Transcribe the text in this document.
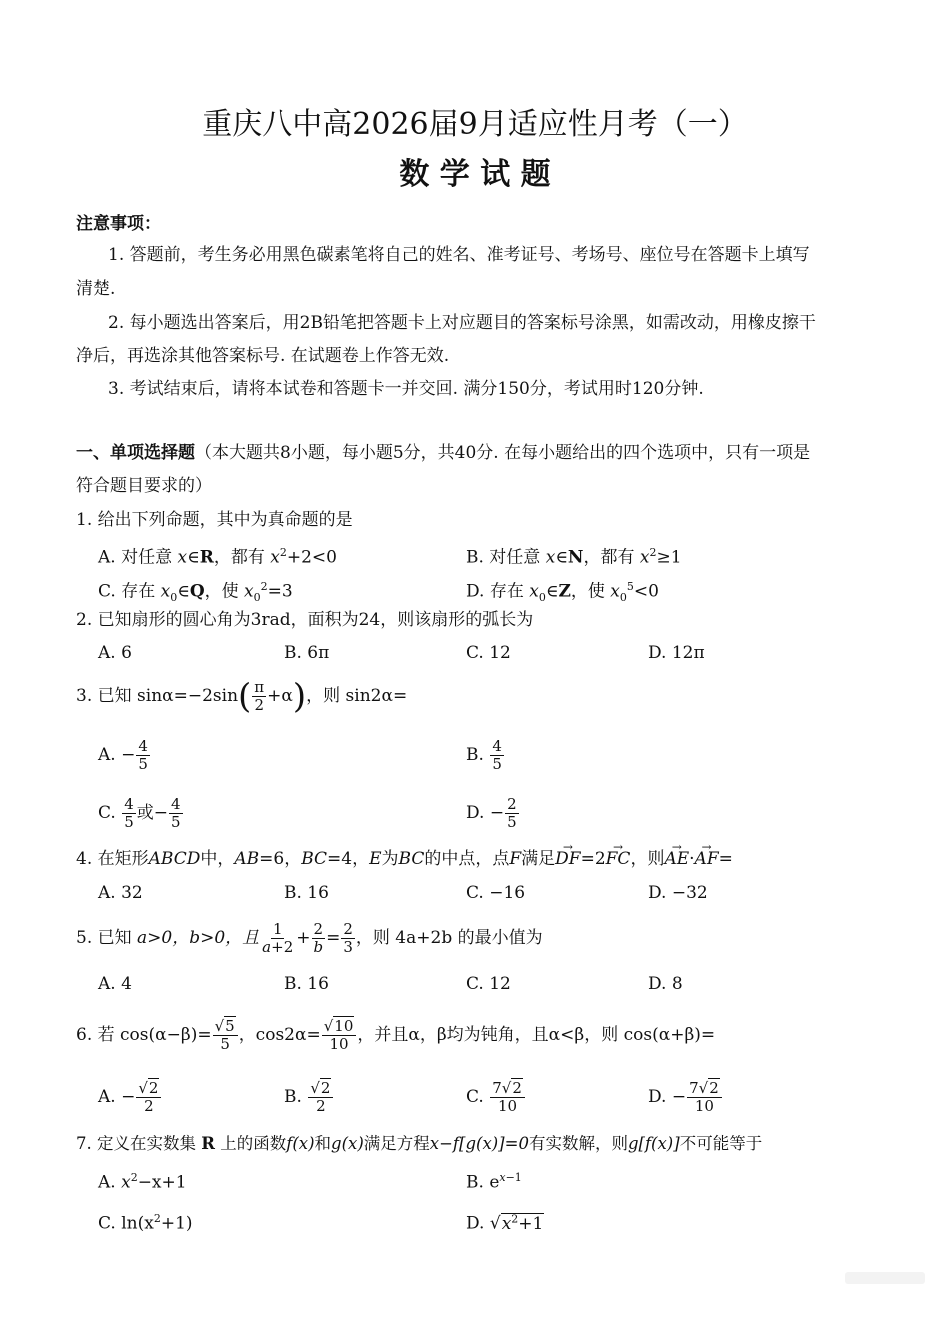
重庆八中高2026届9月适应性月考（一）
数 学 试 题
注意事项：
1. 答题前，考生务必用黑色碳素笔将自己的姓名、准考证号、考场号、座位号在答题卡上填写
清楚.
2. 每小题选出答案后，用2B铅笔把答题卡上对应题目的答案标号涂黑，如需改动，用橡皮擦干
净后，再选涂其他答案标号. 在试题卷上作答无效.
3. 考试结束后，请将本试卷和答题卡一并交回. 满分150分，考试用时120分钟.
一、单项选择题（本大题共8小题，每小题5分，共40分. 在每小题给出的四个选项中，只有一项是
符合题目要求的）
1. 给出下列命题，其中为真命题的是
A. 对任意 x∈R，都有 $x^2+2<0$	B. 对任意 x∈N，都有 $x^2\ge 1$
C. 存在 $x_0\in Q$，使 $x_0^2=3$	D. 存在 $x_0\in Z$，使 $x_0^5<0$
2. 已知扇形的圆心角为3rad，面积为24，则该扇形的弧长为
A. 6	B. 6π	C. 12	D. 12π
3. 已知 $\sin\alpha=-2\sin( \frac{\pi}{2} +\alpha)$，则 sin2α=
A. − $\frac{4}{5}$	B. $\frac{4}{5}$
C. $\frac{4}{5}$ 或− $\frac{4}{5}$	D. − $\frac{2}{5}$
4. 在矩形ABCD中，AB=6，BC=4，E为BC的中点，点F满足→ DF=2→ FC，则→ AE·→ AF=
A. 32	B. 16	C. −16	D. −32
5. 已知 a>0，b>0，且 $\frac{1}{a+2} + \frac{2}{b} = \frac{2}{3}$ ，则 4a+2b 的最小值为
A. 4	B. 16	C. 12	D. 8
6. 若 $\cos(\alpha-\beta)= \frac{√5}{5}$ ，$\cos 2\alpha= \frac{√10}{10}$ ，并且α，β均为钝角，且α<β，则 cos(α+β)=
A. − $\frac{√2}{2}$	B. $\frac{√2}{2}$	C. $\frac{7√2}{10}$	D. − $\frac{7√2}{10}$
7. 定义在实数集 R 上的函数f(x)和g(x)满足方程x−f[g(x)]=0有实数解，则g[f(x)]不可能等于
A. $x^2-x+1$	B. $e^{x-1}$
C. $\ln(x^2+1)$	D. $√x^2+1$
